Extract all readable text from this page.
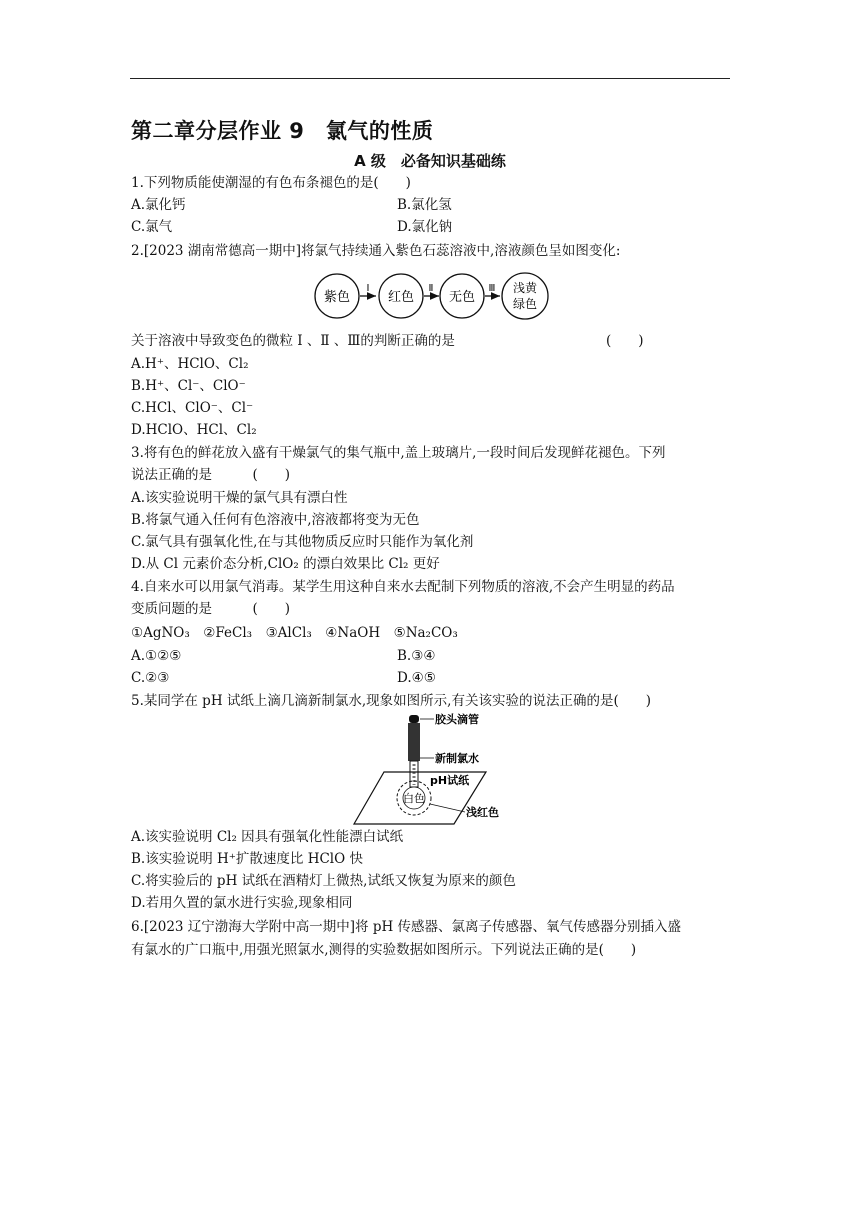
第二章分层作业 9　氯气的性质
A 级　必备知识基础练
1.下列物质能使潮湿的有色布条褪色的是(　　)
A.氯化钙	B.氯化氢
C.氯气	D.氯化钠
2.[2023 湖南常德高一期中]将氯气持续通入紫色石蕊溶液中,溶液颜色呈如图变化:
紫色
Ⅰ
红色
Ⅱ
无色
Ⅲ 浅黄
绿色
关于溶液中导致变色的微粒 Ⅰ 、Ⅱ 、Ⅲ的判断正确的是	(　　)
A.H⁺、HClO、Cl₂
B.H⁺、Cl⁻、ClO⁻
C.HCl、ClO⁻、Cl⁻
D.HClO、HCl、Cl₂
3.将有色的鲜花放入盛有干燥氯气的集气瓶中,盖上玻璃片,一段时间后发现鲜花褪色。下列
说法正确的是　　　(　　)
A.该实验说明干燥的氯气具有漂白性
B.将氯气通入任何有色溶液中,溶液都将变为无色
C.氯气具有强氧化性,在与其他物质反应时只能作为氧化剂
D.从 Cl 元素价态分析,ClO₂ 的漂白效果比 Cl₂ 更好
4.自来水可以用氯气消毒。某学生用这种自来水去配制下列物质的溶液,不会产生明显的药品
变质问题的是　　　(　　)
①AgNO₃　②FeCl₃　③AlCl₃　④NaOH　⑤Na₂CO₃
A.①②⑤	B.③④
C.②③	D.④⑤
5.某同学在 pH 试纸上滴几滴新制氯水,现象如图所示,有关该实验的说法正确的是(　　)
胶头滴管
新制氯水
pH试纸
白色
浅红色
A.该实验说明 Cl₂ 因具有强氧化性能漂白试纸
B.该实验说明 H⁺扩散速度比 HClO 快
C.将实验后的 pH 试纸在酒精灯上微热,试纸又恢复为原来的颜色
D.若用久置的氯水进行实验,现象相同
6.[2023 辽宁渤海大学附中高一期中]将 pH 传感器、氯离子传感器、氧气传感器分别插入盛
有氯水的广口瓶中,用强光照氯水,测得的实验数据如图所示。下列说法正确的是(　　)
